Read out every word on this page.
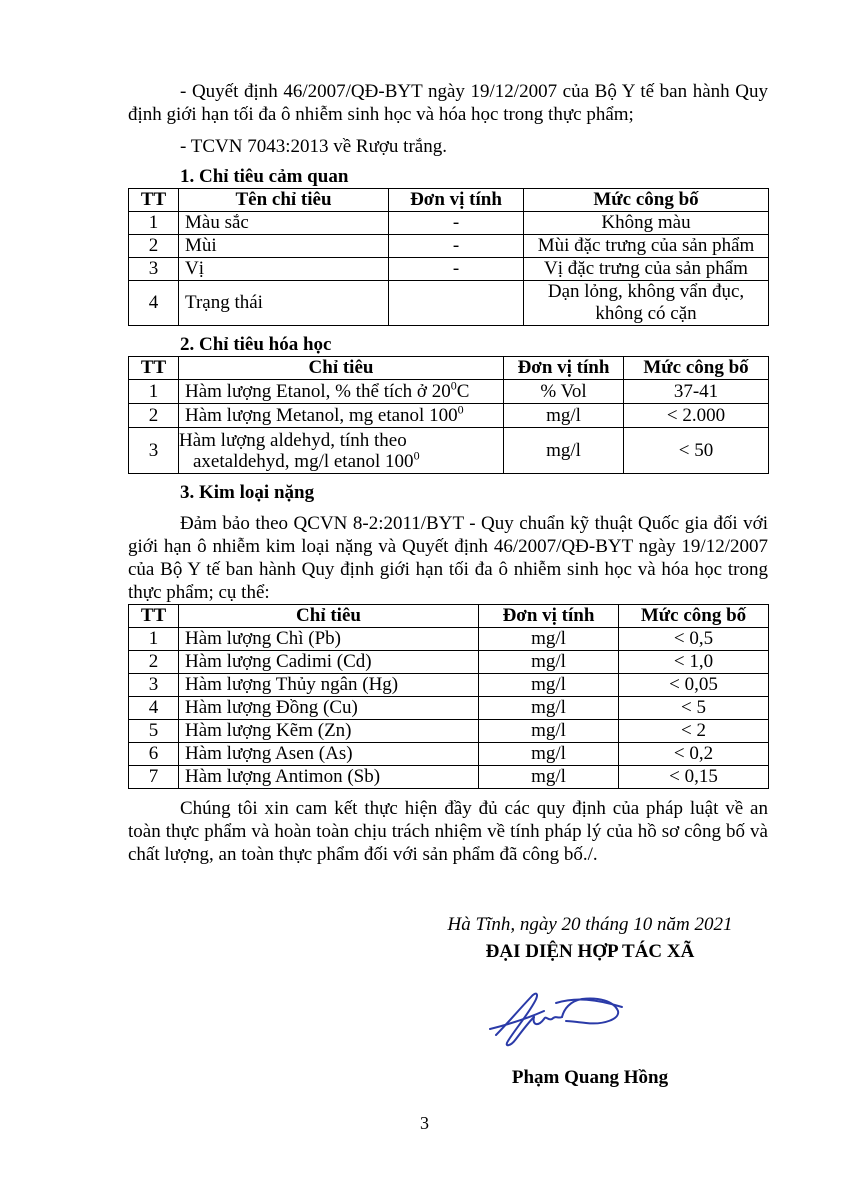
- Quyết định 46/2007/QĐ-BYT ngày 19/12/2007 của Bộ Y tế ban hành Quy định giới hạn tối đa ô nhiễm sinh học và hóa học trong thực phẩm;

- TCVN 7043:2013 về Rượu trắng.

1. Chỉ tiêu cảm quan

TT	Tên chỉ tiêu	Đơn vị tính	Mức công bố
1	Màu sắc	-	Không màu
2	Mùi	-	Mùi đặc trưng của sản phẩm
3	Vị	-	Vị đặc trưng của sản phẩm
4	Trạng thái		Dạn lỏng, không vẩn đục, không có cặn

2. Chỉ tiêu hóa học

TT	Chỉ tiêu	Đơn vị tính	Mức công bố
1	Hàm lượng Etanol, % thể tích ở $20^0C$	% Vol	37-41
2	Hàm lượng Metanol, mg etanol $100^0$	mg/l	< 2.000
3	Hàm lượng aldehyd, tính theo axetaldehyd, mg/l etanol $100^0$	mg/l	< 50

3. Kim loại nặng

Đảm bảo theo QCVN 8-2:2011/BYT - Quy chuẩn kỹ thuật Quốc gia đối với giới hạn ô nhiễm kim loại nặng và Quyết định 46/2007/QĐ-BYT ngày 19/12/2007 của Bộ Y tế ban hành Quy định giới hạn tối đa ô nhiễm sinh học và hóa học trong thực phẩm; cụ thể:

TT	Chỉ tiêu	Đơn vị tính	Mức công bố
1	Hàm lượng Chì (Pb)	mg/l	< 0,5
2	Hàm lượng Cadimi (Cd)	mg/l	< 1,0
3	Hàm lượng Thủy ngân (Hg)	mg/l	< 0,05
4	Hàm lượng Đồng (Cu)	mg/l	< 5
5	Hàm lượng Kẽm (Zn)	mg/l	< 2
6	Hàm lượng Asen (As)	mg/l	< 0,2
7	Hàm lượng Antimon (Sb)	mg/l	< 0,15

Chúng tôi xin cam kết thực hiện đầy đủ các quy định của pháp luật về an toàn thực phẩm và hoàn toàn chịu trách nhiệm về tính pháp lý của hồ sơ công bố và chất lượng, an toàn thực phẩm đối với sản phẩm đã công bố./.

Hà Tĩnh, ngày 20 tháng 10 năm 2021

ĐẠI DIỆN HỢP TÁC XÃ

Phạm Quang Hồng

3
